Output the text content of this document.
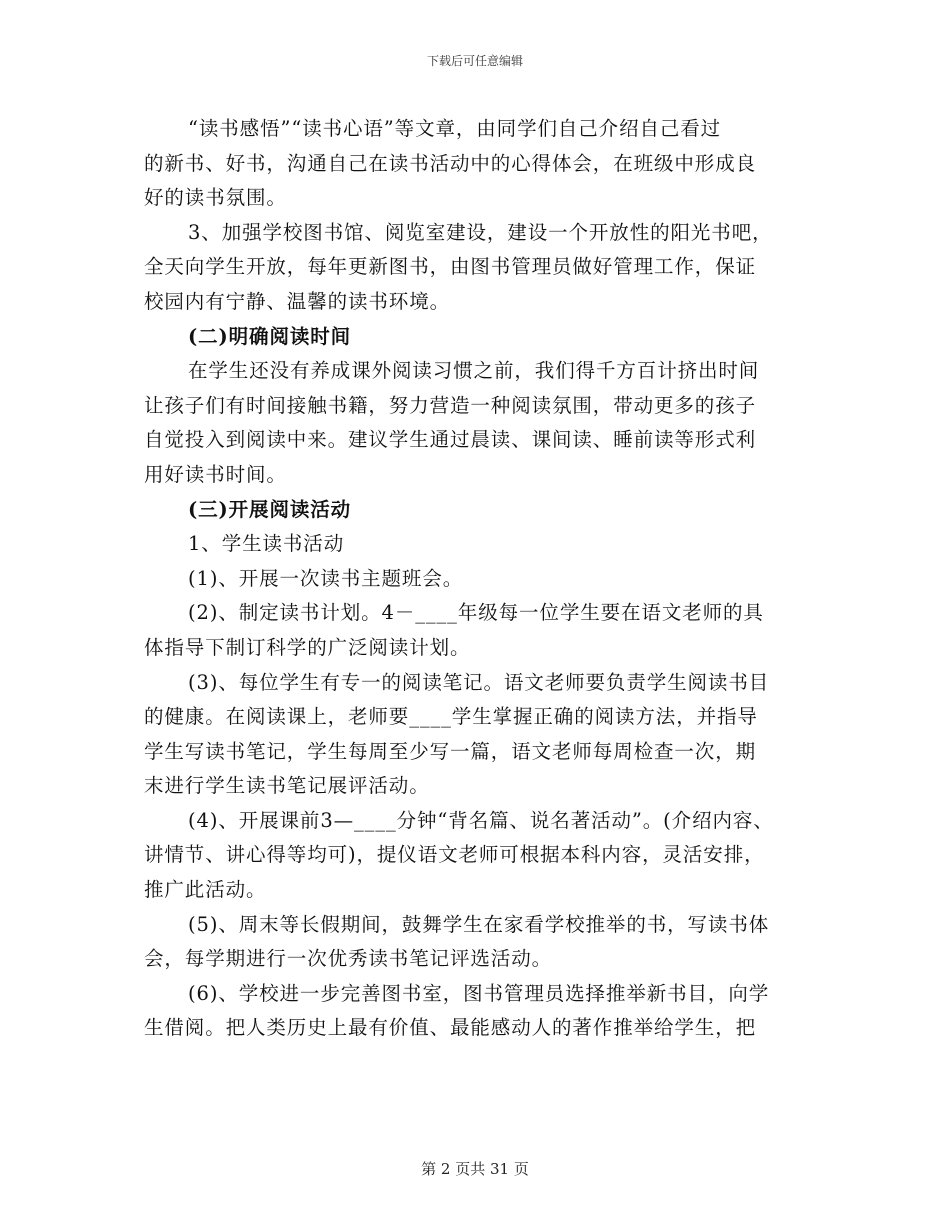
下载后可任意编辑
“读书感悟”“读书心语”等文章，由同学们自己介绍自己看过
的新书、好书，沟通自己在读书活动中的心得体会，在班级中形成良
好的读书氛围。
3、加强学校图书馆、阅览室建设，建设一个开放性的阳光书吧，
全天向学生开放，每年更新图书，由图书管理员做好管理工作，保证
校园内有宁静、温馨的读书环境。
(二)明确阅读时间
在学生还没有养成课外阅读习惯之前，我们得千方百计挤出时间
让孩子们有时间接触书籍，努力营造一种阅读氛围，带动更多的孩子
自觉投入到阅读中来。建议学生通过晨读、课间读、睡前读等形式利
用好读书时间。
(三)开展阅读活动
1、学生读书活动
(1)、开展一次读书主题班会。
(2)、制定读书计划。4－____年级每一位学生要在语文老师的具
体指导下制订科学的广泛阅读计划。
(3)、每位学生有专一的阅读笔记。语文老师要负责学生阅读书目
的健康。在阅读课上，老师要____学生掌握正确的阅读方法，并指导
学生写读书笔记，学生每周至少写一篇，语文老师每周检查一次，期
末进行学生读书笔记展评活动。
(4)、开展课前3—____分钟“背名篇、说名著活动”。(介绍内容、
讲情节、讲心得等均可)，提仪语文老师可根据本科内容，灵活安排，
推广此活动。
(5)、周末等长假期间，鼓舞学生在家看学校推举的书，写读书体
会，每学期进行一次优秀读书笔记评选活动。
(6)、学校进一步完善图书室，图书管理员选择推举新书目，向学
生借阅。把人类历史上最有价值、最能感动人的著作推举给学生，把
第 2 页共 31 页
